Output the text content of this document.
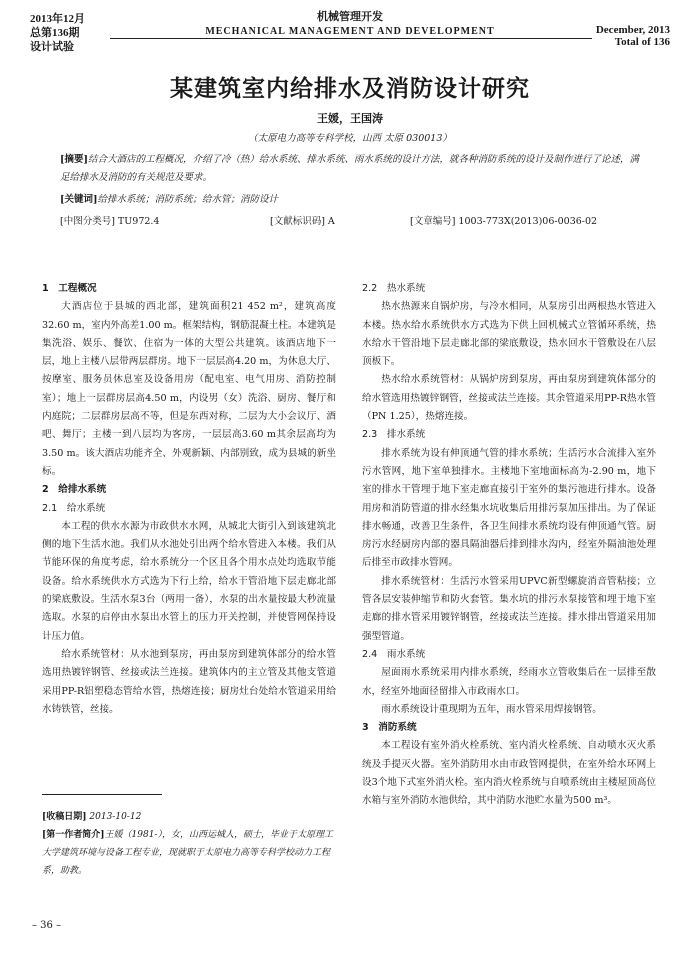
2013年12月
总第136期
设计试验
机械管理开发
MECHANICAL MANAGEMENT AND DEVELOPMENT	December, 2013
Total of 136
某建筑室内给排水及消防设计研究
王媛，王国涛
（太原电力高等专科学校，山西 太原 030013）
[摘要]结合大酒店的工程概况，介绍了冷（热）给水系统、排水系统、雨水系统的设计方法，就各种消防系统的设计及制作进行了论述，满足给排水及消防的有关规范及要求。
[关键词]给排水系统；消防系统；给水管；消防设计
[中图分类号] TU972.4	[文献标识码] A	[文章编号] 1003-773X(2013)06-0036-02
1　工程概况

大酒店位于县城的西北部，建筑面积21 452 m²，建筑高度32.60 m，室内外高差1.00 m。框架结构，钢筋混凝土柱。本建筑是集洗浴、娱乐、餐饮、住宿为一体的大型公共建筑。该酒店地下一层，地上主楼八层带两层群房。地下一层层高4.20 m，为休息大厅、按摩室、服务员休息室及设备用房（配电室、电气用房、消防控制室）；地上一层群房层高4.50 m，内设男（女）洗浴、厨房、餐厅和内庭院；二层群房层高不等，但是东西对称，二层为大小会议厅、酒吧、舞厅；主楼一到八层均为客房，一层层高3.60 m其余层高均为3.50 m。该大酒店功能齐全、外观新颖、内部别致，成为县城的新坐标。

2　给排水系统
2.1　给水系统

本工程的供水水源为市政供水水网，从城北大街引入到该建筑北侧的地下生活水池。我们从水池处引出两个给水管进入本楼。我们从节能环保的角度考虑，给水系统分一个区且各个用水点处均选取节能设备。给水系统供水方式选为下行上给，给水干管沿地下层走廊北部的梁底敷设。生活水泵3台（两用一备），水泵的出水量按最大秒流量选取。水泵的启停由水泵出水管上的压力开关控制，并使管网保持设计压力值。

给水系统管材：从水池到泵房，再由泵房到建筑体部分的给水管选用热镀锌钢管、丝接或法兰连接。建筑体内的主立管及其他支管道采用PP-R铝塑稳态管给水管，热熔连接；厨房灶台处给水管道采用给水铸铁管，丝接。

2.2　热水系统

热水热源来自锅炉房，与冷水相同，从泵房引出两根热水管进入本楼。热水给水系统供水方式选为下供上回机械式立管循环系统，热水给水干管沿地下层走廊北部的梁底敷设，热水回水干管敷设在八层顶板下。

热水给水系统管材：从锅炉房到泵房，再由泵房到建筑体部分的给水管选用热镀锌钢管，丝接或法兰连接。其余管道采用PP-R热水管（PN 1.25），热熔连接。

2.3　排水系统

排水系统为设有伸顶通气管的排水系统；生活污水合流排入室外污水管网，地下室单独排水。主楼地下室地面标高为-2.90 m，地下室的排水干管埋于地下室走廊直接引于室外的集污池进行排水。设备用房和消防管道的排水经集水坑收集后用排污泵加压排出。为了保证排水畅通，改善卫生条件，各卫生间排水系统均设有伸顶通气管。厨房污水经厨房内部的器具隔油器后排到排水沟内，经室外隔油池处理后排至市政排水管网。

排水系统管材：生活污水管采用UPVC新型螺旋消音管粘接；立管各层安装伸缩节和防火套管。集水坑的排污水泵接管和埋于地下室走廊的排水管采用镀锌钢管，丝接或法兰连接。排水排出管道采用加强型管道。

2.4　雨水系统

屋面雨水系统采用内排水系统，经雨水立管收集后在一层排至散水，经室外地面径留排入市政雨水口。

雨水系统设计重现期为五年，雨水管采用焊接钢管。

3　消防系统

本工程设有室外消火栓系统、室内消火栓系统、自动喷水灭火系统及手提灭火器。室外消防用水由市政管网提供，在室外给水环网上设3个地下式室外消火栓。室内消火栓系统与自喷系统由主楼屋顶高位水箱与室外消防水池供给，其中消防水池贮水量为500 m³。

[收稿日期] 2013-10-12
[第一作者简介]王媛（1981-），女，山西运城人，硕士，毕业于太原理工大学建筑环境与设备工程专业，现就职于太原电力高等专科学校动力工程系，助教。
– 36 –
